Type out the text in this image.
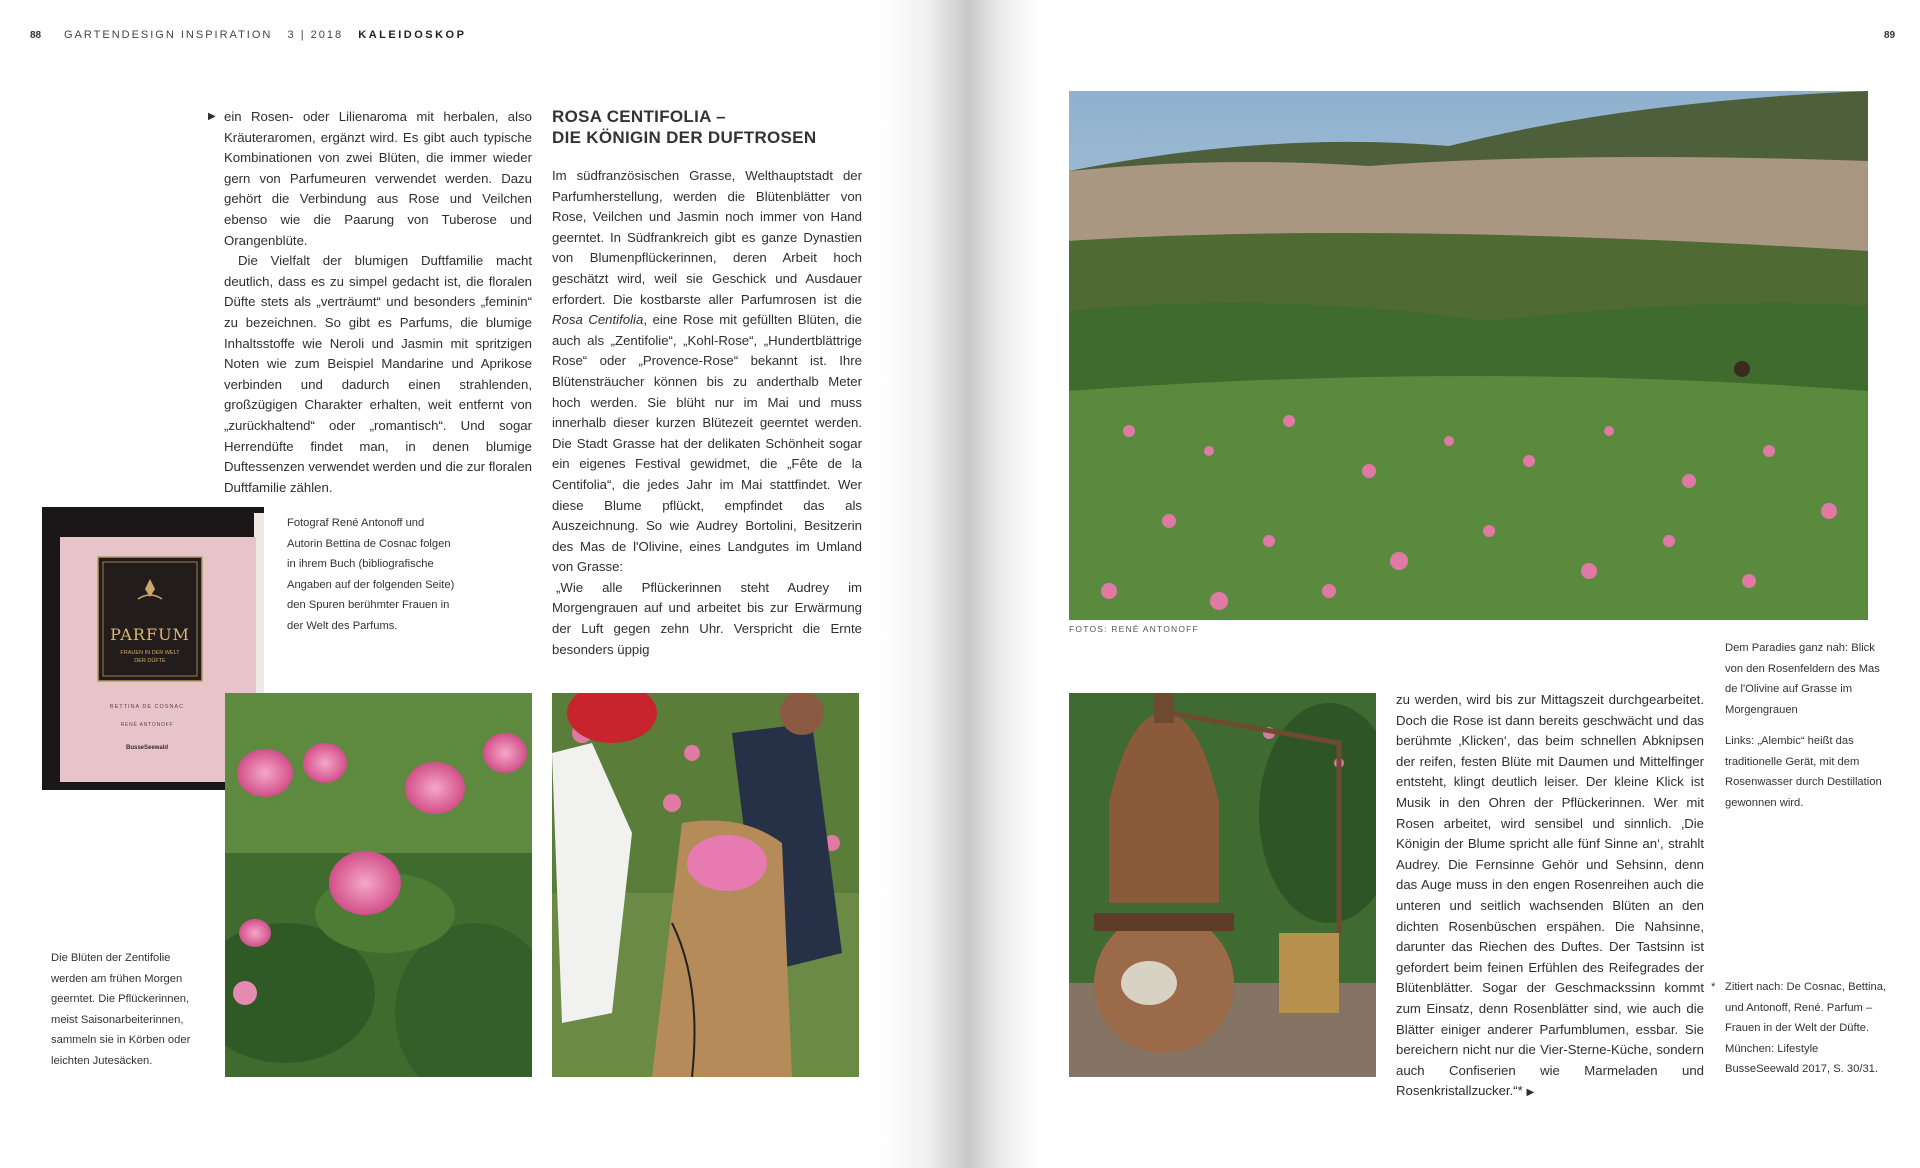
88 GARTENDESIGN INSPIRATION 3 | 2018 KALEIDOSKOP	89
▶ ein Rosen- oder Lilienaroma mit herbalen, also Kräuteraromen, ergänzt wird. Es gibt auch typische Kombinationen von zwei Blüten, die immer wieder gern von Parfumeuren verwendet werden. Dazu gehört die Verbindung aus Rose und Veilchen ebenso wie die Paarung von Tuberose und Orangenblüte.

Die Vielfalt der blumigen Duftfamilie macht deutlich, dass es zu simpel gedacht ist, die floralen Düfte stets als „verträumt“ und besonders „feminin“ zu bezeichnen. So gibt es Parfums, die blumige Inhaltsstoffe wie Neroli und Jasmin mit spritzigen Noten wie zum Beispiel Mandarine und Aprikose verbinden und dadurch einen strahlenden, großzügigen Charakter erhalten, weit entfernt von „zurückhaltend“ oder „romantisch“. Und sogar Herrendüfte findet man, in denen blumige Duftessenzen verwendet werden und die zur floralen Duftfamilie zählen.

ROSA CENTIFOLIA –
DIE KÖNIGIN DER DUFTROSEN

Im südfranzösischen Grasse, Welthauptstadt der Parfumherstellung, werden die Blütenblätter von Rose, Veilchen und Jasmin noch immer von Hand geerntet. In Südfrankreich gibt es ganze Dynastien von Blumenpflückerinnen, deren Arbeit hoch geschätzt wird, weil sie Geschick und Ausdauer erfordert. Die kostbarste aller Parfumrosen ist die Rosa Centifolia, eine Rose mit gefüllten Blüten, die auch als „Zentifolie“, „Kohl-Rose“, „Hundertblättrige Rose“ oder „Provence-Rose“ bekannt ist. Ihre Blütensträucher können bis zu anderthalb Meter hoch werden. Sie blüht nur im Mai und muss innerhalb dieser kurzen Blütezeit geerntet werden. Die Stadt Grasse hat der delikaten Schönheit sogar ein eigenes Festival gewidmet, die „Fête de la Centifolia“, die jedes Jahr im Mai stattfindet. Wer diese Blume pflückt, empfindet das als Auszeichnung. So wie Audrey Bortolini, Besitzerin des Mas de l'Olivine, eines Landgutes im Umland von Grasse:

„Wie alle Pflückerinnen steht Audrey im Morgengrauen auf und arbeitet bis zur Erwärmung der Luft gegen zehn Uhr. Verspricht die Ernte besonders üppig

PARFUM
FRAUEN IN DER WELT
DER DÜFTE
BETTINA DE COSNAC
RENÉ ANTONOFF
BusseSeewald
Fotograf René Antonoff und Autorin Bettina de Cosnac folgen in ihrem Buch (bibliografische Angaben auf der folgenden Seite) den Spuren berühmter Frauen in der Welt des Parfums.
Die Blüten der Zentifolie werden am frühen Morgen geerntet. Die Pflückerinnen, meist Saisonarbeiterinnen, sammeln sie in Körben oder leichten Jutesäcken.
FOTOS: RENÉ ANTONOFF
Dem Paradies ganz nah: Blick von den Rosenfeldern des Mas de l'Olivine auf Grasse im Morgengrauen
Links: „Alembic“ heißt das traditionelle Gerät, mit dem Rosenwasser durch Destillation gewonnen wird.

zu werden, wird bis zur Mittagszeit durchgearbeitet. Doch die Rose ist dann bereits geschwächt und das berühmte ‚Klicken‘, das beim schnellen Abknipsen der reifen, festen Blüte mit Daumen und Mittelfinger entsteht, klingt deutlich leiser. Der kleine Klick ist Musik in den Ohren der Pflückerinnen. Wer mit Rosen arbeitet, wird sensibel und sinnlich. ‚Die Königin der Blume spricht alle fünf Sinne an‘, strahlt Audrey. Die Fernsinne Gehör und Sehsinn, denn das Auge muss in den engen Rosenreihen auch die unteren und seitlich wachsenden Blüten an den dichten Rosenbüschen erspähen. Die Nahsinne, darunter das Riechen des Duftes. Der Tastsinn ist gefordert beim feinen Erfühlen des Reifegrades der Blütenblätter. Sogar der Geschmackssinn kommt zum Einsatz, denn Rosenblätter sind, wie auch die Blätter einiger anderer Parfumblumen, essbar. Sie bereichern nicht nur die Vier-Sterne-Küche, sondern auch Confiserien wie Marmeladen und Rosenkristallzucker.“* ▶

* Zitiert nach: De Cosnac, Bettina, und Antonoff, René. Parfum – Frauen in der Welt der Düfte. München: Lifestyle BusseSeewald 2017, S. 30/31.
